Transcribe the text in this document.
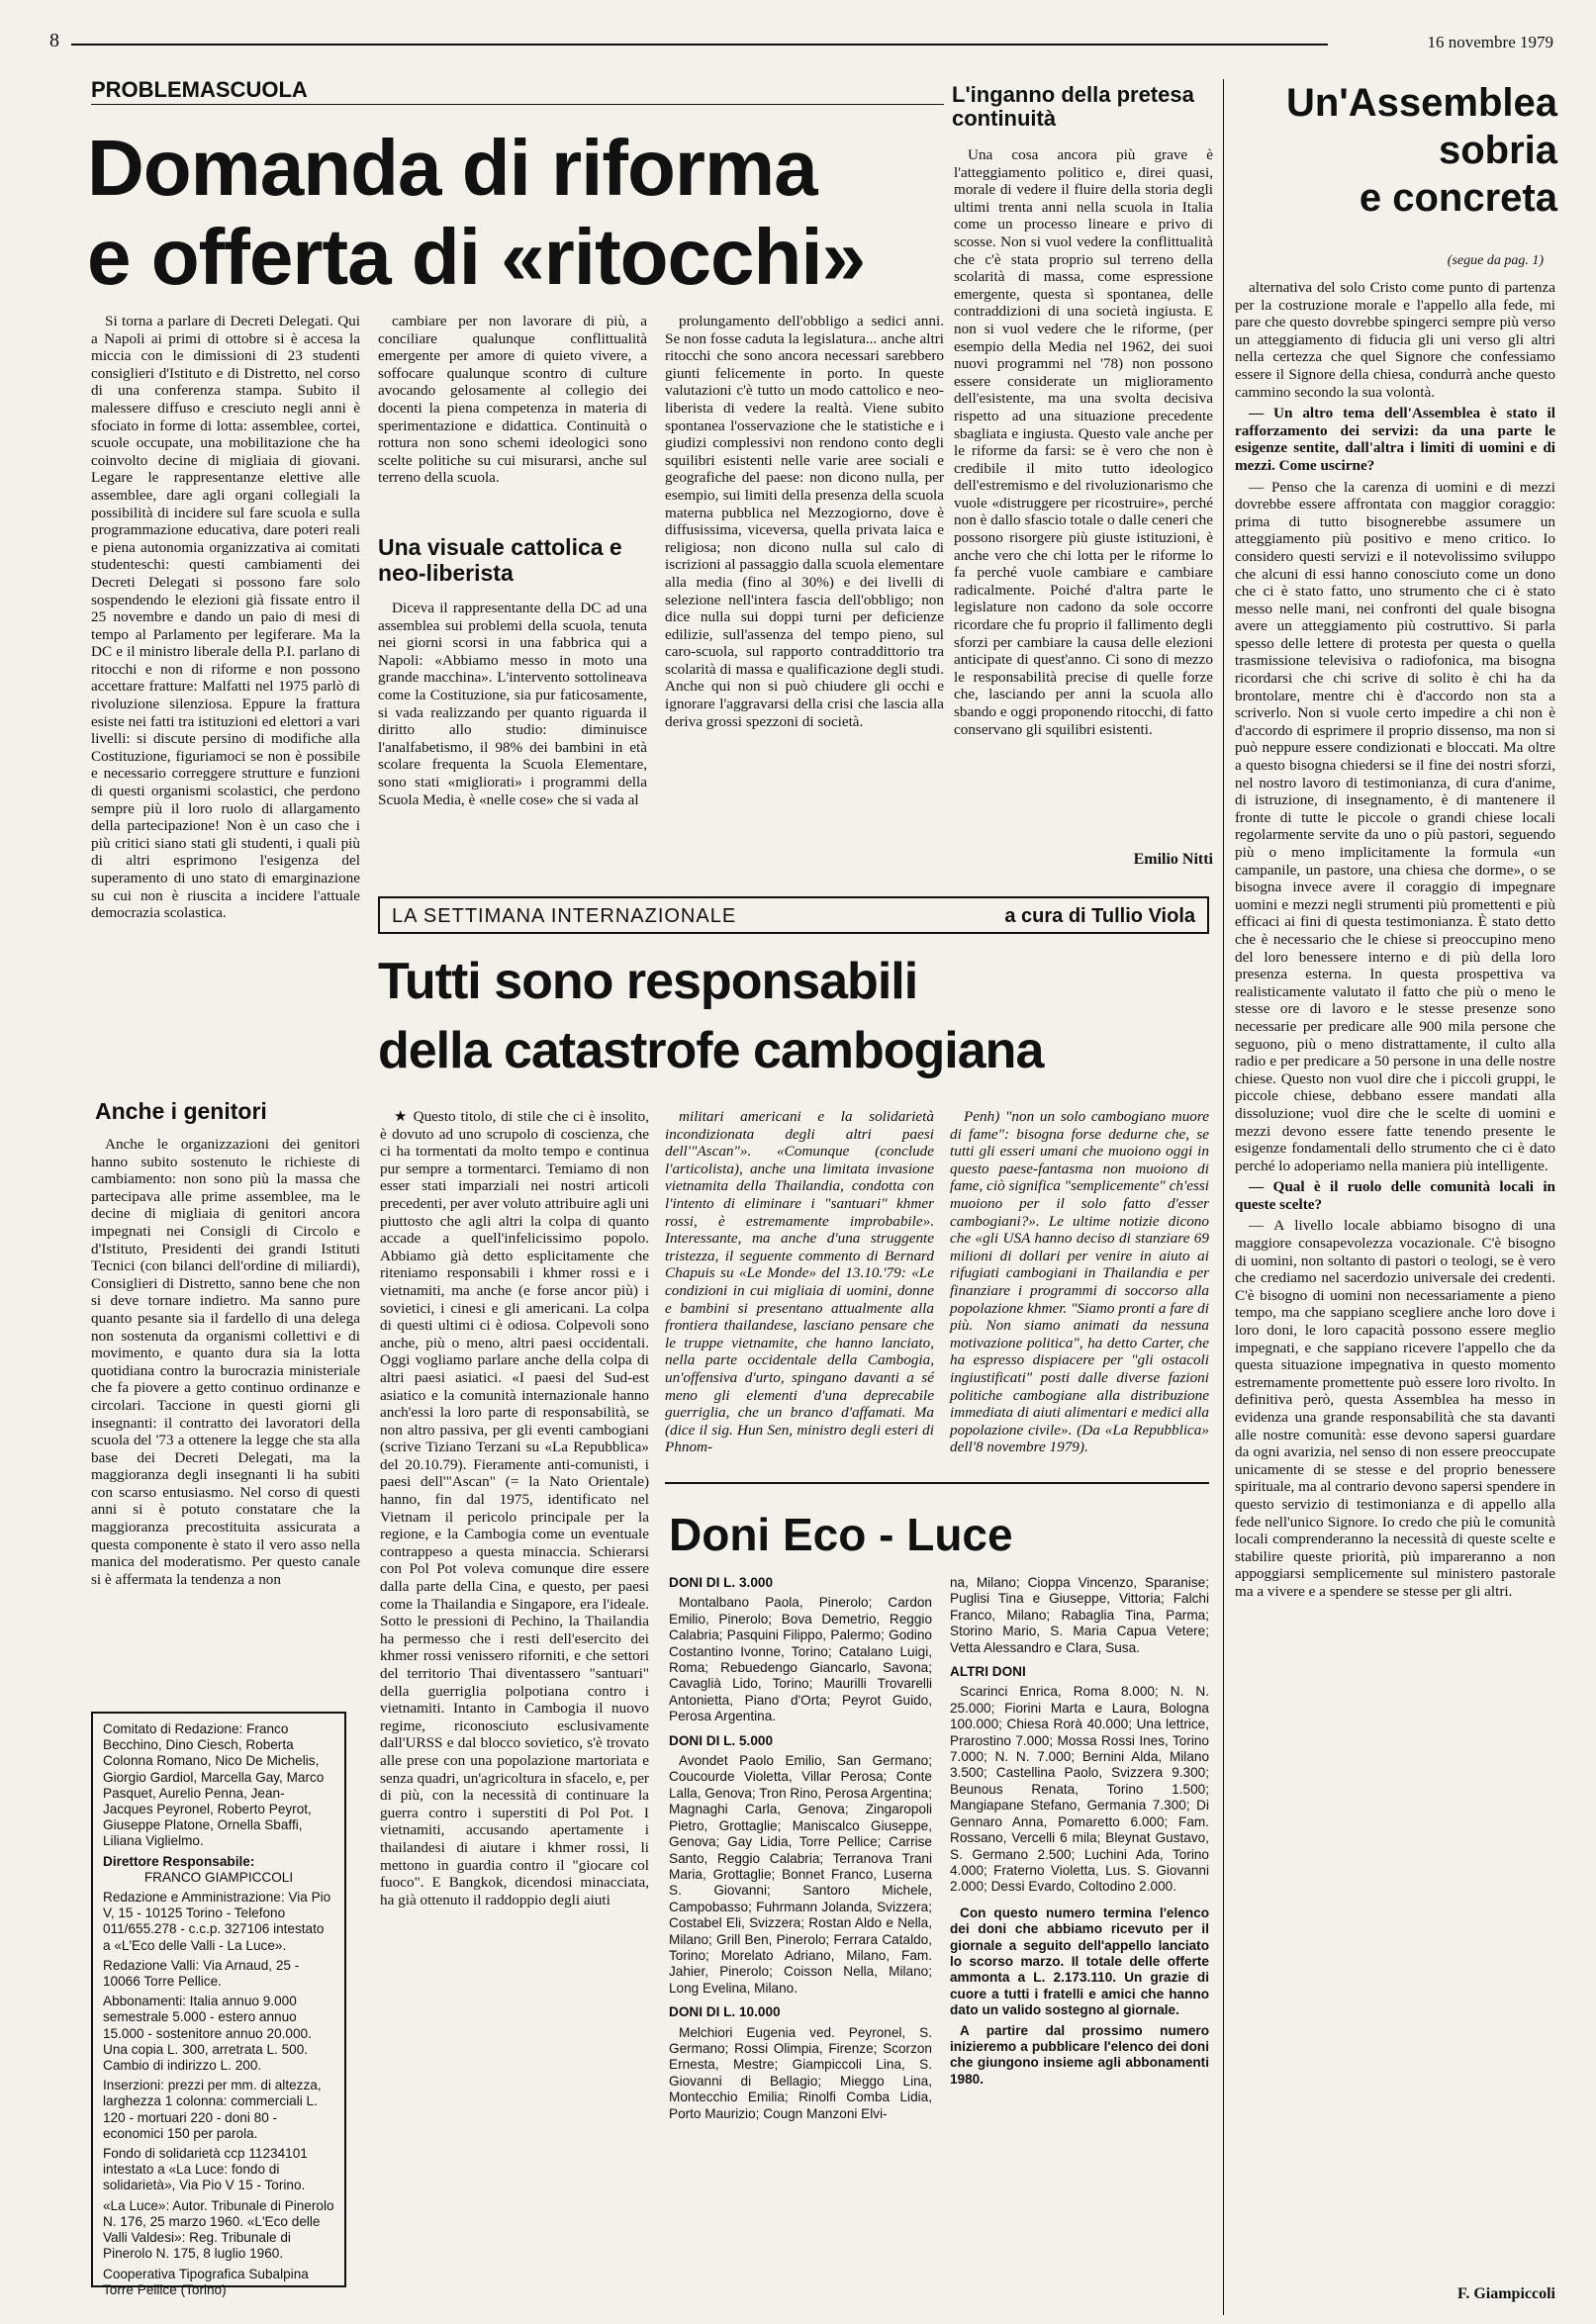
8	16 novembre 1979
PROBLEMASCUOLA
Domanda di riforma
e offerta di «ritocchi»

Si torna a parlare di Decreti Delegati. Qui a Napoli ai primi di ottobre si è accesa la miccia con le dimissioni di 23 studenti consiglieri d'Istituto e di Distretto, nel corso di una conferenza stampa. Subito il malessere diffuso e cresciuto negli anni è sfociato in forme di lotta: assemblee, cortei, scuole occupate, una mobilitazione che ha coinvolto decine di migliaia di giovani. Legare le rappresentanze elettive alle assemblee, dare agli organi collegiali la possibilità di incidere sul fare scuola e sulla programmazione educativa, dare poteri reali e piena autonomia organizzativa ai comitati studenteschi: questi cambiamenti dei Decreti Delegati si possono fare solo sospendendo le elezioni già fissate entro il 25 novembre e dando un paio di mesi di tempo al Parlamento per legiferare. Ma la DC e il ministro liberale della P.I. parlano di ritocchi e non di riforme e non possono accettare fratture: Malfatti nel 1975 parlò di rivoluzione silenziosa. Eppure la frattura esiste nei fatti tra istituzioni ed elettori a vari livelli: si discute persino di modifiche alla Costituzione, figuriamoci se non è possibile e necessario correggere strutture e funzioni di questi organismi scolastici, che perdono sempre più il loro ruolo di allargamento della partecipazione! Non è un caso che i più critici siano stati gli studenti, i quali più di altri esprimono l'esigenza del superamento di uno stato di emarginazione su cui non è riuscita a incidere l'attuale democrazia scolastica.

cambiare per non lavorare di più, a conciliare qualunque conflittualità emergente per amore di quieto vivere, a soffocare qualunque scontro di culture avocando gelosamente al collegio dei docenti la piena competenza in materia di sperimentazione e didattica. Continuità o rottura non sono schemi ideologici sono scelte politiche su cui misurarsi, anche sul terreno della scuola.

Una visuale cattolica e neo-liberista

Diceva il rappresentante della DC ad una assemblea sui problemi della scuola, tenuta nei giorni scorsi in una fabbrica qui a Napoli: «Abbiamo messo in moto una grande macchina». L'intervento sottolineava come la Costituzione, sia pur faticosamente, si vada realizzando per quanto riguarda il diritto allo studio: diminuisce l'analfabetismo, il 98% dei bambini in età scolare frequenta la Scuola Elementare, sono stati «migliorati» i programmi della Scuola Media, è «nelle cose» che si vada al

prolungamento dell'obbligo a sedici anni. Se non fosse caduta la legislatura... anche altri ritocchi che sono ancora necessari sarebbero giunti felicemente in porto. In queste valutazioni c'è tutto un modo cattolico e neo-liberista di vedere la realtà. Viene subito spontanea l'osservazione che le statistiche e i giudizi complessivi non rendono conto degli squilibri esistenti nelle varie aree sociali e geografiche del paese: non dicono nulla, per esempio, sui limiti della presenza della scuola materna pubblica nel Mezzogiorno, dove è diffusissima, viceversa, quella privata laica e religiosa; non dicono nulla sul calo di iscrizioni al passaggio dalla scuola elementare alla media (fino al 30%) e dei livelli di selezione nell'intera fascia dell'obbligo; non dice nulla sui doppi turni per deficienze edilizie, sull'assenza del tempo pieno, sul caro-scuola, sul rapporto contraddittorio tra scolarità di massa e qualificazione degli studi. Anche qui non si può chiudere gli occhi e ignorare l'aggravarsi della crisi che lascia alla deriva grossi spezzoni di società.

Anche i genitori

Anche le organizzazioni dei genitori hanno subito sostenuto le richieste di cambiamento: non sono più la massa che partecipava alle prime assemblee, ma le decine di migliaia di genitori ancora impegnati nei Consigli di Circolo e d'Istituto, Presidenti dei grandi Istituti Tecnici (con bilanci dell'ordine di miliardi), Consiglieri di Distretto, sanno bene che non si deve tornare indietro. Ma sanno pure quanto pesante sia il fardello di una delega non sostenuta da organismi collettivi e di movimento, e quanto dura sia la lotta quotidiana contro la burocrazia ministeriale che fa piovere a getto continuo ordinanze e circolari. Taccione in questi giorni gli insegnanti: il contratto dei lavoratori della scuola del '73 a ottenere la legge che sta alla base dei Decreti Delegati, ma la maggioranza degli insegnanti li ha subiti con scarso entusiasmo. Nel corso di questi anni si è potuto constatare che la maggioranza precostituita assicurata a questa componente è stato il vero asso nella manica del moderatismo. Per questo canale si è affermata la tendenza a non

Comitato di Redazione: Franco Becchino, Dino Ciesch, Roberta Colonna Romano, Nico De Michelis, Giorgio Gardiol, Marcella Gay, Marco Pasquet, Aurelio Penna, Jean-Jacques Peyronel, Roberto Peyrot, Giuseppe Platone, Ornella Sbaffi, Liliana Viglielmo.

Direttore Responsabile:

FRANCO GIAMPICCOLI

Redazione e Amministrazione: Via Pio V, 15 - 10125 Torino - Telefono 011/655.278 - c.c.p. 327106 intestato a «L'Eco delle Valli - La Luce».

Redazione Valli: Via Arnaud, 25 - 10066 Torre Pellice.

Abbonamenti: Italia annuo 9.000 semestrale 5.000 - estero annuo 15.000 - sostenitore annuo 20.000. Una copia L. 300, arretrata L. 500. Cambio di indirizzo L. 200.

Inserzioni: prezzi per mm. di altezza, larghezza 1 colonna: commerciali L. 120 - mortuari 220 - doni 80 - economici 150 per parola.

Fondo di solidarietà ccp 11234101 intestato a «La Luce: fondo di solidarietà», Via Pio V 15 - Torino.

«La Luce»: Autor. Tribunale di Pinerolo N. 176, 25 marzo 1960. «L'Eco delle Valli Valdesi»: Reg. Tribunale di Pinerolo N. 175, 8 luglio 1960.

Cooperativa Tipografica Subalpina Torre Pellice (Torino)

L'inganno della pretesa continuità

Una cosa ancora più grave è l'atteggiamento politico e, direi quasi, morale di vedere il fluire della storia degli ultimi trenta anni nella scuola in Italia come un processo lineare e privo di scosse. Non si vuol vedere la conflittualità che c'è stata proprio sul terreno della scolarità di massa, come espressione emergente, questa sì spontanea, delle contraddizioni di una società ingiusta. E non si vuol vedere che le riforme, (per esempio della Media nel 1962, dei suoi nuovi programmi nel '78) non possono essere considerate un miglioramento dell'esistente, ma una svolta decisiva rispetto ad una situazione precedente sbagliata e ingiusta. Questo vale anche per le riforme da farsi: se è vero che non è credibile il mito tutto ideologico dell'estremismo e del rivoluzionarismo che vuole «distruggere per ricostruire», perché non è dallo sfascio totale o dalle ceneri che possono risorgere più giuste istituzioni, è anche vero che chi lotta per le riforme lo fa perché vuole cambiare e cambiare radicalmente. Poiché d'altra parte le legislature non cadono da sole occorre ricordare che fu proprio il fallimento degli sforzi per cambiare la causa delle elezioni anticipate di quest'anno. Ci sono di mezzo le responsabilità precise di quelle forze che, lasciando per anni la scuola allo sbando e oggi proponendo ritocchi, di fatto conservano gli squilibri esistenti.

Emilio Nitti
Un'Assemblea
sobria
e concreta
(segue da pag. 1)

alternativa del solo Cristo come punto di partenza per la costruzione morale e l'appello alla fede, mi pare che questo dovrebbe spingerci sempre più verso un atteggiamento di fiducia gli uni verso gli altri nella certezza che quel Signore che confessiamo essere il Signore della chiesa, condurrà anche questo cammino secondo la sua volontà.

— Un altro tema dell'Assemblea è stato il rafforzamento dei servizi: da una parte le esigenze sentite, dall'altra i limiti di uomini e di mezzi. Come uscirne?

— Penso che la carenza di uomini e di mezzi dovrebbe essere affrontata con maggior coraggio: prima di tutto bisognerebbe assumere un atteggiamento più positivo e meno critico. Io considero questi servizi e il notevolissimo sviluppo che alcuni di essi hanno conosciuto come un dono che ci è stato fatto, uno strumento che ci è stato messo nelle mani, nei confronti del quale bisogna avere un atteggiamento più costruttivo. Si parla spesso delle lettere di protesta per questa o quella trasmissione televisiva o radiofonica, ma bisogna ricordarsi che chi scrive di solito è chi ha da brontolare, mentre chi è d'accordo non sta a scriverlo. Non si vuole certo impedire a chi non è d'accordo di esprimere il proprio dissenso, ma non si può neppure essere condizionati e bloccati. Ma oltre a questo bisogna chiedersi se il fine dei nostri sforzi, nel nostro lavoro di testimonianza, di cura d'anime, di istruzione, di insegnamento, è di mantenere il fronte di tutte le piccole o grandi chiese locali regolarmente servite da uno o più pastori, seguendo più o meno implicitamente la formula «un campanile, un pastore, una chiesa che dorme», o se bisogna invece avere il coraggio di impegnare uomini e mezzi negli strumenti più promettenti e più efficaci ai fini di questa testimonianza. È stato detto che è necessario che le chiese si preoccupino meno del loro benessere interno e di più della loro presenza esterna. In questa prospettiva va realisticamente valutato il fatto che più o meno le stesse ore di lavoro e le stesse presenze sono necessarie per predicare alle 900 mila persone che seguono, più o meno distrattamente, il culto alla radio e per predicare a 50 persone in una delle nostre chiese. Questo non vuol dire che i piccoli gruppi, le piccole chiese, debbano essere mandati alla dissoluzione; vuol dire che le scelte di uomini e mezzi devono essere fatte tenendo presente le esigenze fondamentali dello strumento che ci è dato perché lo adoperiamo nella maniera più intelligente.

— Qual è il ruolo delle comunità locali in queste scelte?

— A livello locale abbiamo bisogno di una maggiore consapevolezza vocazionale. C'è bisogno di uomini, non soltanto di pastori o teologi, se è vero che crediamo nel sacerdozio universale dei credenti. C'è bisogno di uomini non necessariamente a pieno tempo, ma che sappiano scegliere anche loro dove i loro doni, le loro capacità possono essere meglio impegnati, e che sappiano ricevere l'appello che da questa situazione impegnativa in questo momento estremamente promettente può essere loro rivolto. In definitiva però, questa Assemblea ha messo in evidenza una grande responsabilità che sta davanti alle nostre comunità: esse devono sapersi guardare da ogni avarizia, nel senso di non essere preoccupate unicamente di se stesse e del proprio benessere spirituale, ma al contrario devono sapersi spendere in questo servizio di testimonianza e di appello alla fede nell'unico Signore. Io credo che più le comunità locali comprenderanno la necessità di queste scelte e stabilire queste priorità, più impareranno a non appoggiarsi semplicemente sul ministero pastorale ma a vivere e a spendere se stesse per gli altri.

F. Giampiccoli
LA SETTIMANA INTERNAZIONALE	a cura di Tullio Viola
Tutti sono responsabili
della catastrofe cambogiana

★ Questo titolo, di stile che ci è insolito, è dovuto ad uno scrupolo di coscienza, che ci ha tormentati da molto tempo e continua pur sempre a tormentarci. Temiamo di non esser stati imparziali nei nostri articoli precedenti, per aver voluto attribuire agli uni piuttosto che agli altri la colpa di quanto accade a quell'infelicissimo popolo. Abbiamo già detto esplicitamente che riteniamo responsabili i khmer rossi e i vietnamiti, ma anche (e forse ancor più) i sovietici, i cinesi e gli americani. La colpa di questi ultimi ci è odiosa. Colpevoli sono anche, più o meno, altri paesi occidentali. Oggi vogliamo parlare anche della colpa di altri paesi asiatici. «I paesi del Sud-est asiatico e la comunità internazionale hanno anch'essi la loro parte di responsabilità, se non altro passiva, per gli eventi cambogiani (scrive Tiziano Terzani su «La Repubblica» del 20.10.79). Fieramente anti-comunisti, i paesi dell'"Ascan" (= la Nato Orientale) hanno, fin dal 1975, identificato nel Vietnam il pericolo principale per la regione, e la Cambogia come un eventuale contrappeso a questa minaccia. Schierarsi con Pol Pot voleva comunque dire essere dalla parte della Cina, e questo, per paesi come la Thailandia e Singapore, era l'ideale. Sotto le pressioni di Pechino, la Thailandia ha permesso che i resti dell'esercito dei khmer rossi venissero riforniti, e che settori del territorio Thai diventassero "santuari" della guerriglia polpotiana contro i vietnamiti. Intanto in Cambogia il nuovo regime, riconosciuto esclusivamente dall'URSS e dal blocco sovietico, s'è trovato alle prese con una popolazione martoriata e senza quadri, un'agricoltura in sfacelo, e, per di più, con la necessità di continuare la guerra contro i superstiti di Pol Pot. I vietnamiti, accusando apertamente i thailandesi di aiutare i khmer rossi, li mettono in guardia contro il "giocare col fuoco". E Bangkok, dicendosi minacciata, ha già ottenuto il raddoppio degli aiuti

militari americani e la solidarietà incondizionata degli altri paesi dell'"Ascan"». «Comunque (conclude l'articolista), anche una limitata invasione vietnamita della Thailandia, condotta con l'intento di eliminare i "santuari" khmer rossi, è estremamente improbabile». Interessante, ma anche d'una struggente tristezza, il seguente commento di Bernard Chapuis su «Le Monde» del 13.10.'79: «Le condizioni in cui migliaia di uomini, donne e bambini si presentano attualmente alla frontiera thailandese, lasciano pensare che le truppe vietnamite, che hanno lanciato, nella parte occidentale della Cambogia, un'offensiva d'urto, spingano davanti a sé meno gli elementi d'una deprecabile guerriglia, che un branco d'affamati. Ma (dice il sig. Hun Sen, ministro degli esteri di Phnom-

Penh) "non un solo cambogiano muore di fame": bisogna forse dedurne che, se tutti gli esseri umani che muoiono oggi in questo paese-fantasma non muoiono di fame, ciò significa "semplicemente" ch'essi muoiono per il solo fatto d'esser cambogiani?». Le ultime notizie dicono che «gli USA hanno deciso di stanziare 69 milioni di dollari per venire in aiuto ai rifugiati cambogiani in Thailandia e per finanziare i programmi di soccorso alla popolazione khmer. "Siamo pronti a fare di più. Non siamo animati da nessuna motivazione politica", ha detto Carter, che ha espresso dispiacere per "gli ostacoli ingiustificati" posti dalle diverse fazioni politiche cambogiane alla distribuzione immediata di aiuti alimentari e medici alla popolazione civile». (Da «La Repubblica» dell'8 novembre 1979).

Doni Eco - Luce

DONI DI L. 3.000

Montalbano Paola, Pinerolo; Cardon Emilio, Pinerolo; Bova Demetrio, Reggio Calabria; Pasquini Filippo, Palermo; Godino Costantino Ivonne, Torino; Catalano Luigi, Roma; Rebuedengo Giancarlo, Savona; Cavaglià Lido, Torino; Maurilli Trovarelli Antonietta, Piano d'Orta; Peyrot Guido, Perosa Argentina.

DONI DI L. 5.000

Avondet Paolo Emilio, San Germano; Coucourde Violetta, Villar Perosa; Conte Lalla, Genova; Tron Rino, Perosa Argentina; Magnaghi Carla, Genova; Zingaropoli Pietro, Grottaglie; Maniscalco Giuseppe, Genova; Gay Lidia, Torre Pellice; Carrise Santo, Reggio Calabria; Terranova Trani Maria, Grottaglie; Bonnet Franco, Luserna S. Giovanni; Santoro Michele, Campobasso; Fuhrmann Jolanda, Svizzera; Costabel Eli, Svizzera; Rostan Aldo e Nella, Milano; Grill Ben, Pinerolo; Ferrara Cataldo, Torino; Morelato Adriano, Milano, Fam. Jahier, Pinerolo; Coisson Nella, Milano; Long Evelina, Milano.

DONI DI L. 10.000

Melchiori Eugenia ved. Peyronel, S. Germano; Rossi Olimpia, Firenze; Scorzon Ernesta, Mestre; Giampiccoli Lina, S. Giovanni di Bellagio; Mieggo Lina, Montecchio Emilia; Rinolfi Comba Lidia, Porto Maurizio; Cougn Manzoni Elvi-

na, Milano; Cioppa Vincenzo, Sparanise; Puglisi Tina e Giuseppe, Vittoria; Falchi Franco, Milano; Rabaglia Tina, Parma; Storino Mario, S. Maria Capua Vetere; Vetta Alessandro e Clara, Susa.

ALTRI DONI

Scarinci Enrica, Roma 8.000; N. N. 25.000; Fiorini Marta e Laura, Bologna 100.000; Chiesa Rorà 40.000; Una lettrice, Prarostino 7.000; Mossa Rossi Ines, Torino 7.000; N. N. 7.000; Bernini Alda, Milano 3.500; Castellina Paolo, Svizzera 9.300; Beunous Renata, Torino 1.500; Mangiapane Stefano, Germania 7.300; Di Gennaro Anna, Pomaretto 6.000; Fam. Rossano, Vercelli 6 mila; Bleynat Gustavo, S. Germano 2.500; Luchini Ada, Torino 4.000; Fraterno Violetta, Lus. S. Giovanni 2.000; Dessi Evardo, Coltodino 2.000.

Con questo numero termina l'elenco dei doni che abbiamo ricevuto per il giornale a seguito dell'appello lanciato lo scorso marzo. Il totale delle offerte ammonta a L. 2.173.110. Un grazie di cuore a tutti i fratelli e amici che hanno dato un valido sostegno al giornale.

A partire dal prossimo numero inizieremo a pubblicare l'elenco dei doni che giungono insieme agli abbonamenti 1980.
